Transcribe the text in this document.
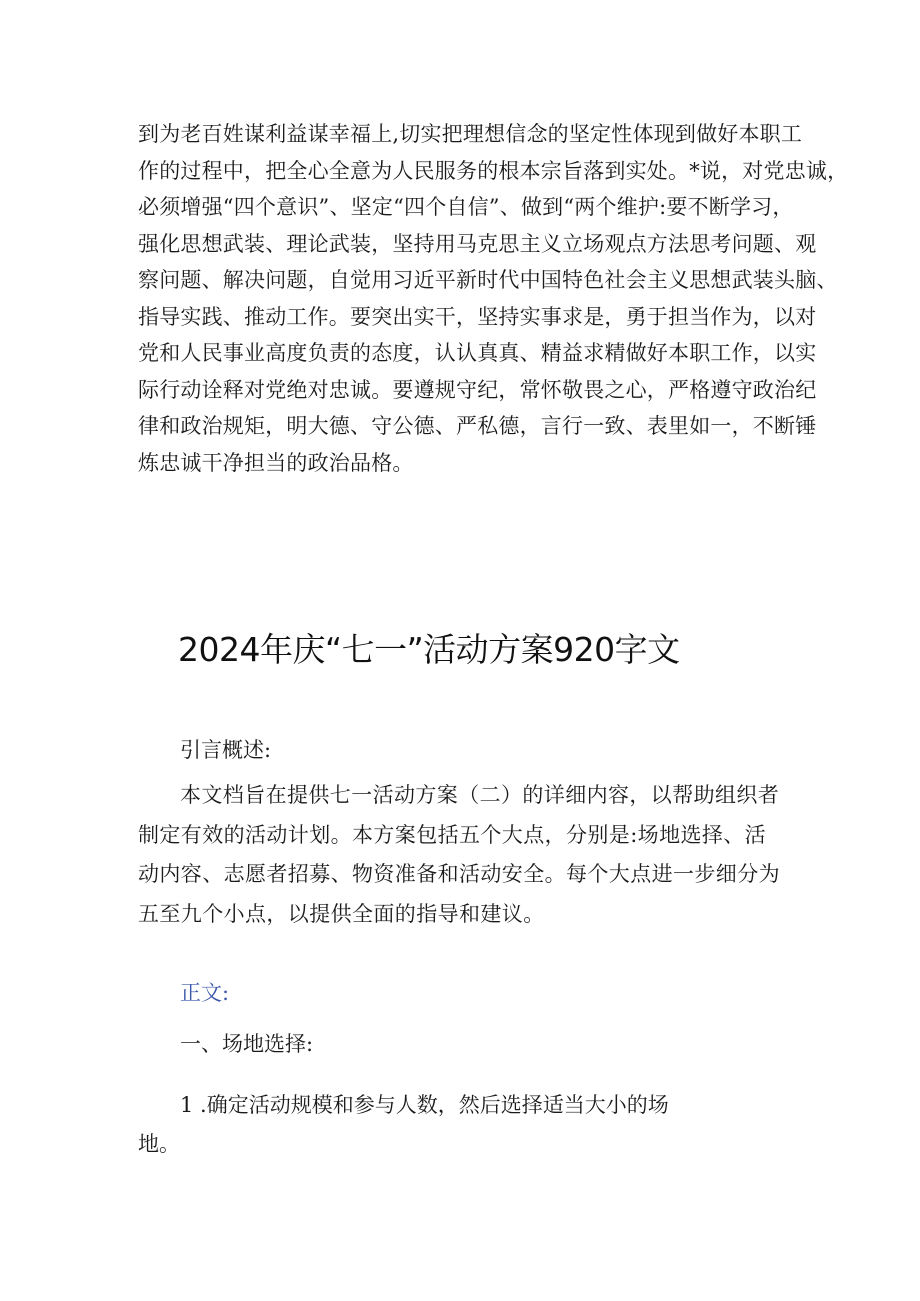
到为老百姓谋利益谋幸福上,切实把理想信念的坚定性体现到做好本职工
作的过程中，把全心全意为人民服务的根本宗旨落到实处。*说，对党忠诚，
必须增强“四个意识”、坚定“四个自信”、做到“两个维护:要不断学习，
强化思想武装、理论武装，坚持用马克思主义立场观点方法思考问题、观
察问题、解决问题，自觉用习近平新时代中国特色社会主义思想武装头脑、
指导实践、推动工作。要突出实干，坚持实事求是，勇于担当作为，以对
党和人民事业高度负责的态度，认认真真、精益求精做好本职工作，以实
际行动诠释对党绝对忠诚。要遵规守纪，常怀敬畏之心，严格遵守政治纪
律和政治规矩，明大德、守公德、严私德，言行一致、表里如一，不断锤
炼忠诚干净担当的政治品格。
2024年庆“七一”活动方案920字文
引言概述:
本文档旨在提供七一活动方案（二）的详细内容，以帮助组织者
制定有效的活动计划。本方案包括五个大点，分别是:场地选择、活
动内容、志愿者招募、物资准备和活动安全。每个大点进一步细分为
五至九个小点，以提供全面的指导和建议。
正文:
一、场地选择:
1 .确定活动规模和参与人数，然后选择适当大小的场
地。
